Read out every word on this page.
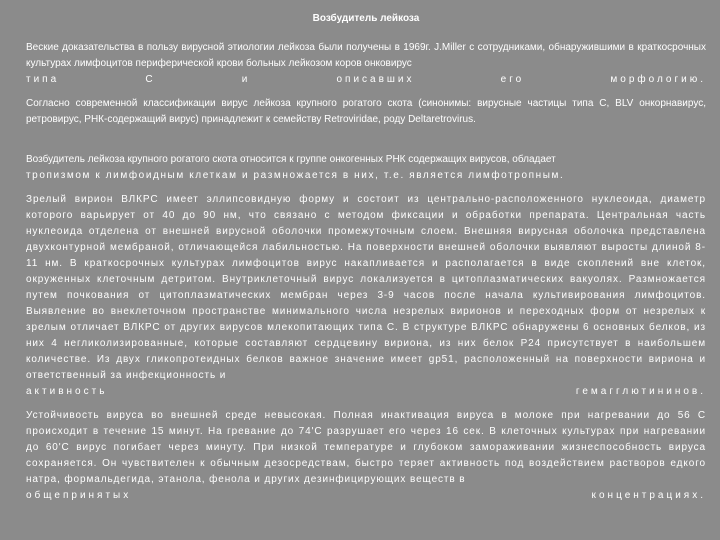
Возбудитель лейкоза

Веские доказательства в пользу вирусной этиологии лейкоза были получены в 1969г. J.Miller с сотрудниками, обнаружившими в краткосрочных культурах лимфоцитов периферической крови больных лейкозом коров онковирус
типа С и описавших его морфологию.

Согласно современной классификации вирус лейкоза крупного рогатого скота (синонимы: вирусные частицы типа С, BLV онкорнавирус, ретровирус, РНК-содержащий вирус) принадлежит к семейству Retroviridae, роду Deltaretrovirus.

Возбудитель лейкоза крупного рогатого скота относится к группе онкогенных РНК содержащих вирусов, обладает
тропизмом к лимфоидным клеткам и размножается в них, т.е. является лимфотропным.

Зрелый вирион ВЛКРС имеет эллипсовидную форму и состоит из центрально-расположенного нуклеоида, диаметр которого варьирует от 40 до 90 нм, что связано с методом фиксации и обработки препарата. Центральная часть нуклеоида отделена от внешней вирусной оболочки промежуточным слоем. Внешняя вирусная оболочка представлена двухконтурной мембраной, отличающейся лабильностью. На поверхности внешней оболочки выявляют выросты длиной 8-11 нм. В краткосрочных культурах лимфоцитов вирус накапливается и располагается в виде скоплений вне клеток, окруженных клеточным детритом. Внутриклеточный вирус локализуется в цитоплазматических вакуолях. Размножается путем почкования от цитоплазматических мембран через 3-9 часов после начала культивирования лимфоцитов. Выявление во внеклеточном пространстве минимального числа незрелых вирионов и переходных форм от незрелых к зрелым отличает ВЛКРС от других вирусов млекопитающих типа С. В структуре ВЛКРС обнаружены 6 основных белков, из них 4 негликолизированные, которые составляют сердцевину вириона, из них белок Р24 присутствует в наибольшем количестве. Из двух гликопротеидных белков важное значение имеет gp51, расположенный на поверхности вириона и ответственный за инфекционность и
активность гемагглютининов.

Устойчивость вируса во внешней среде невысокая. Полная инактивация вируса в молоке при нагревании до 56 С происходит в течение 15 минут. На гревание до 74'С разрушает его через 16 сек. В клеточных культурах при нагревании до 60'С вирус погибает через минуту. При низкой температуре и глубоком замораживании жизнеспособность вируса сохраняется. Он чувствителен к обычным дезосредствам, быстро теряет активность под воздействием растворов едкого натра, формальдегида, этанола, фенола и других дезинфицирующих веществ в
общепринятых концентрациях.
